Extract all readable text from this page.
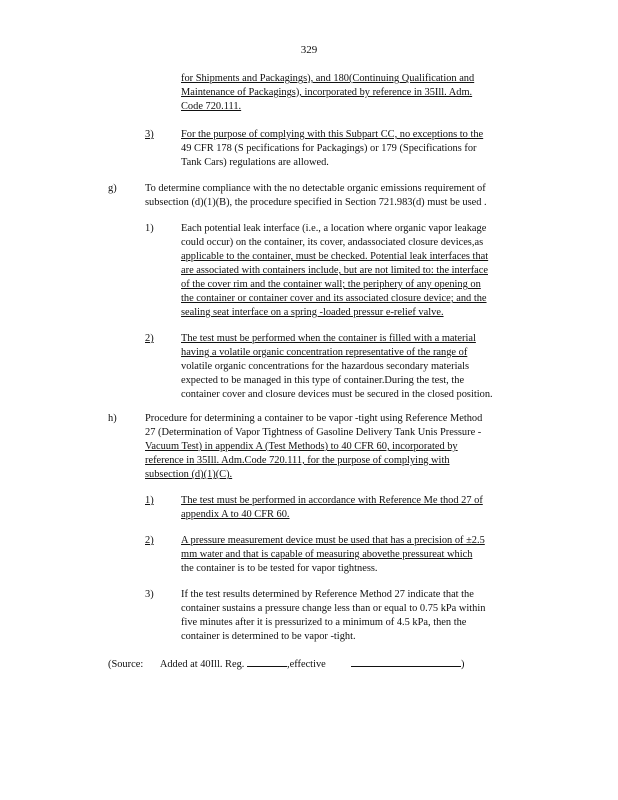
329
for Shipments and Packagings), and 180(Continuing Qualification and
Maintenance of Packagings), incorporated by reference in 35Ill. Adm.
Code 720.111.
3)	For the purpose of complying with this Subpart CC, no exceptions to the
49 CFR 178 (S pecifications for Packagings) or 179 (Specifications for
Tank Cars) regulations are allowed.
g)	To determine compliance with the no detectable organic emissions requirement of
subsection (d)(1)(B), the procedure specified in Section 721.983(d) must be used .
1)	Each potential leak interface (i.e., a location where organic vapor leakage
could occur) on the container, its cover, andassociated closure devices,as
applicable to the container, must be checked. Potential leak interfaces that
are associated with containers include, but are not limited to: the interface
of the cover rim and the container wall; the periphery of any opening on
the container or container cover and its associated closure device; and the
sealing seat interface on a spring -loaded pressur e-relief valve.
2)	The test must be performed when the container is filled with a material
having a volatile organic concentration representative of the range of
volatile organic concentrations for the hazardous secondary materials
expected to be managed in this type of container.During the test, the
container cover and closure devices must be secured in the closed position.
h)	Procedure for determining a container to be vapor -tight using Reference Method
27 (Determination of Vapor Tightness of Gasoline Delivery Tank Unis Pressure -
Vacuum Test) in appendix A (Test Methods) to 40 CFR 60, incorporated by
reference in 35Ill. Adm.Code 720.111, for the purpose of complying with
subsection (d)(1)(C).
1)	The test must be performed in accordance with Reference Me thod 27 of
appendix A to 40 CFR 60.
2)	A pressure measurement device must be used that has a precision of ±2.5
mm water and that is capable of measuring abovethe pressureat which
the container is to be tested for vapor tightness.
3)	If the test results determined by Reference Method 27 indicate that the
container sustains a pressure change less than or equal to 0.75 kPa within
five minutes after it is pressurized to a minimum of 4.5 kPa, then the
container is determined to be vapor -tight.
(Source: Added at 40Ill. Reg.	,effective	)
